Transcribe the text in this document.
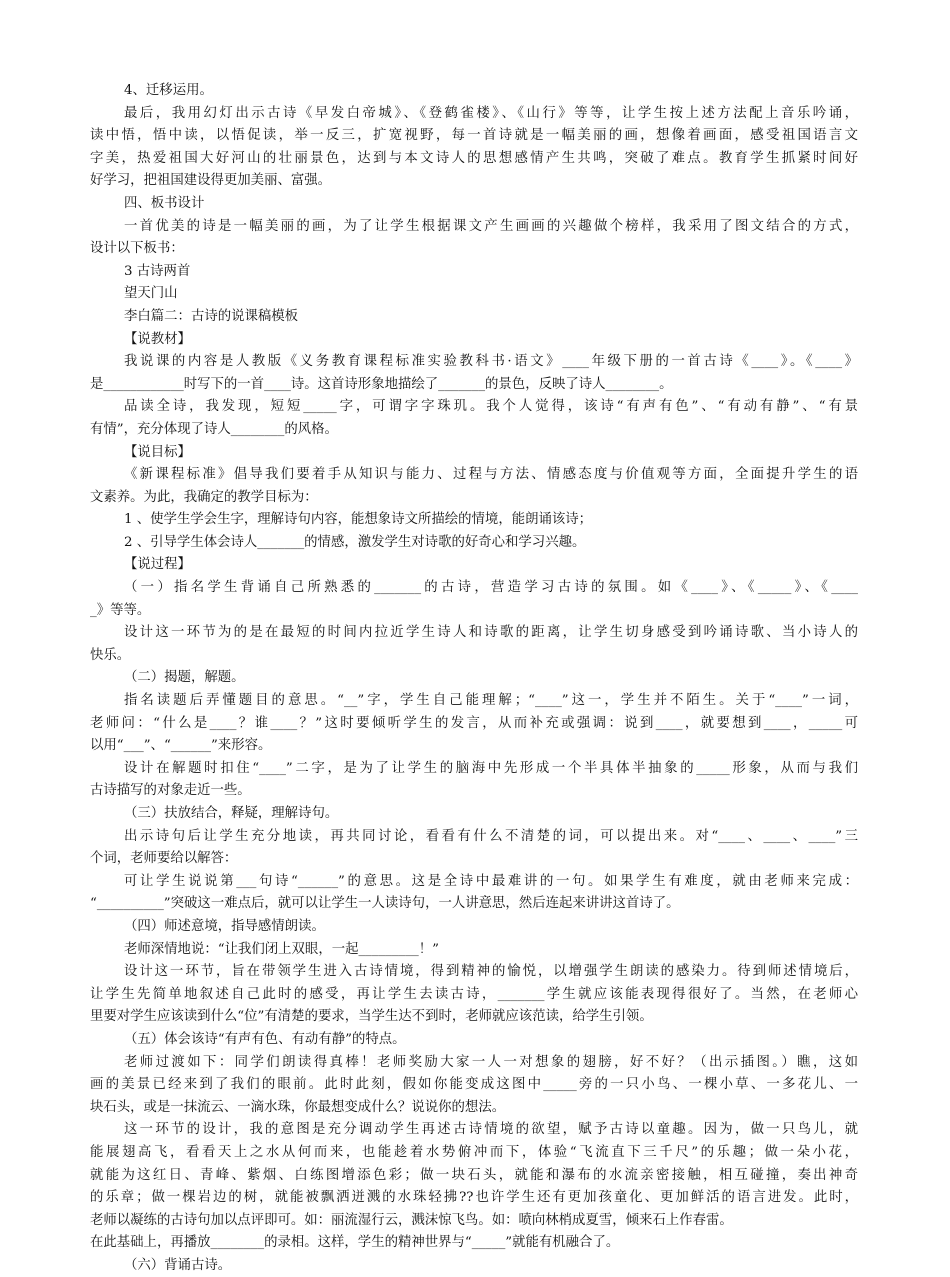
4、迁移运用。
最后，我用幻灯出示古诗《早发白帝城》、《登鹤雀楼》、《山行》等等，让学生按上述方法配上音乐吟诵，
读中悟，悟中读，以悟促读，举一反三，扩宽视野，每一首诗就是一幅美丽的画，想像着画面，感受祖国语言文
字美，热爱祖国大好河山的壮丽景色，达到与本文诗人的思想感情产生共鸣，突破了难点。教育学生抓紧时间好
好学习，把祖国建设得更加美丽、富强。
四、板书设计
一首优美的诗是一幅美丽的画，为了让学生根据课文产生画画的兴趣做个榜样，我采用了图文结合的方式，
设计以下板书：
3 古诗两首
望天门山
李白篇二：古诗的说课稿模板
【说教材】
我说课的内容是人教版《义务教育课程标准实验教科书·语文》____年级下册的一首古诗《____》。《____》
是____________时写下的一首____诗。这首诗形象地描绘了_______的景色，反映了诗人________。
品读全诗，我发现，短短_____字，可谓字字珠玑。我个人觉得，该诗“有声有色”、“有动有静”、“有景
有情”，充分体现了诗人________的风格。
【说目标】
《新课程标准》倡导我们要着手从知识与能力、过程与方法、情感态度与价值观等方面，全面提升学生的语
文素养。为此，我确定的教学目标为：
1 、使学生学会生字，理解诗句内容，能想象诗文所描绘的情境，能朗诵该诗；
2 、引导学生体会诗人_______的情感，激发学生对诗歌的好奇心和学习兴趣。
【说过程】
（一）指名学生背诵自己所熟悉的_______的古诗，营造学习古诗的氛围。如《____》、《_____》、《____
_》等等。
设计这一环节为的是在最短的时间内拉近学生诗人和诗歌的距离，让学生切身感受到吟诵诗歌、当小诗人的
快乐。
（二）揭题，解题。
指名读题后弄懂题目的意思。“__”字，学生自己能理解；“____”这一，学生并不陌生。关于“____”一词，
老师问：“什么是____？谁____？”这时要倾听学生的发言，从而补充或强调：说到____，就要想到____，_____可
以用“___”、“______”来形容。
设计在解题时扣住“____”二字，是为了让学生的脑海中先形成一个半具体半抽象的_____形象，从而与我们
古诗描写的对象走近一些。
（三）扶放结合，释疑，理解诗句。
出示诗句后让学生充分地读，再共同讨论，看看有什么不清楚的词，可以提出来。对“____、____、____”三
个词，老师要给以解答：
可让学生说说第___句诗“______”的意思。这是全诗中最难讲的一句。如果学生有难度，就由老师来完成：
“__________”突破这一难点后，就可以让学生一人读诗句，一人讲意思，然后连起来讲讲这首诗了。
（四）师述意境，指导感情朗读。
老师深情地说：“让我们闭上双眼，一起_________！”
设计这一环节，旨在带领学生进入古诗情境，得到精神的愉悦，以增强学生朗读的感染力。待到师述情境后，
让学生先简单地叙述自己此时的感受，再让学生去读古诗，_______学生就应该能表现得很好了。当然，在老师心
里要对学生应该读到什么“位”有清楚的要求，当学生达不到时，老师就应该范读，给学生引领。
（五）体会该诗“有声有色、有动有静”的特点。
老师过渡如下：同学们朗读得真棒！老师奖励大家一人一对想象的翅膀，好不好？（出示插图。）瞧，这如
画的美景已经来到了我们的眼前。此时此刻，假如你能变成这图中_____旁的一只小鸟、一棵小草、一多花儿、一
块石头，或是一抹流云、一滴水珠，你最想变成什么？说说你的想法。
这一环节的设计，我的意图是充分调动学生再述古诗情境的欲望，赋予古诗以童趣。因为，做一只鸟儿，就
能展翅高飞，看看天上之水从何而来，也能趁着水势俯冲而下，体验“飞流直下三千尺”的乐趣；做一朵小花，
就能为这红日、青峰、紫烟、白练图增添色彩；做一块石头，就能和瀑布的水流亲密接触，相互碰撞，奏出神奇
的乐章；做一棵岩边的树，就能被飘洒迸溅的水珠轻拂??也许学生还有更加孩童化、更加鲜活的语言进发。此时，
老师以凝练的古诗句加以点评即可。如：丽流湿行云，溅沫惊飞鸟。如：喷向林梢成夏雪，倾来石上作春雷。
在此基础上，再播放________的录相。这样，学生的精神世界与“_____”就能有机融合了。
（六）背诵古诗。
